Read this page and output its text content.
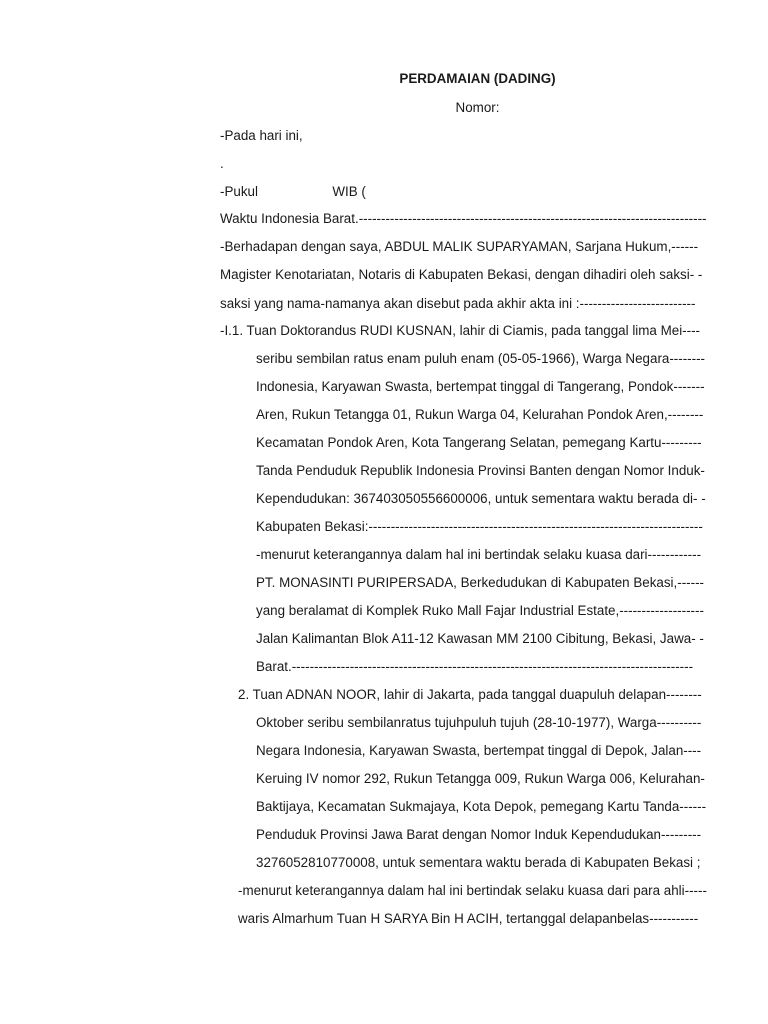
PERDAMAIAN (DADING)
Nomor:
-Pada hari ini,
.
-Pukul                    WIB (
Waktu Indonesia Barat.------------------------------------------------------------------------------
-Berhadapan dengan saya, ABDUL MALIK SUPARYAMAN, Sarjana Hukum,------
Magister Kenotariatan, Notaris di Kabupaten Bekasi, dengan dihadiri oleh saksi- -
saksi yang nama-namanya akan disebut pada akhir akta ini :--------------------------
-I.1. Tuan Doktorandus RUDI KUSNAN, lahir di Ciamis, pada tanggal lima Mei----
seribu sembilan ratus enam puluh enam (05-05-1966), Warga Negara--------
Indonesia, Karyawan Swasta, bertempat tinggal di Tangerang, Pondok-------
Aren, Rukun Tetangga 01, Rukun Warga 04, Kelurahan Pondok Aren,--------
Kecamatan Pondok Aren, Kota Tangerang Selatan, pemegang Kartu---------
Tanda Penduduk Republik Indonesia Provinsi Banten dengan Nomor Induk-
Kependudukan: 367403050556600006, untuk sementara waktu berada di- -
Kabupaten Bekasi:---------------------------------------------------------------------------
-menurut keterangannya dalam hal ini bertindak selaku kuasa dari------------
PT. MONASINTI PURIPERSADA, Berkedudukan di Kabupaten Bekasi,------
yang beralamat di Komplek Ruko Mall Fajar Industrial Estate,-------------------
Jalan Kalimantan Blok A11-12 Kawasan MM 2100 Cibitung, Bekasi, Jawa- -
Barat.------------------------------------------------------------------------------------------
2. Tuan ADNAN NOOR, lahir di Jakarta, pada tanggal duapuluh delapan--------
Oktober seribu sembilanratus tujuhpuluh tujuh (28-10-1977), Warga----------
Negara Indonesia, Karyawan Swasta, bertempat tinggal di Depok, Jalan----
Keruing IV nomor 292, Rukun Tetangga 009, Rukun Warga 006, Kelurahan-
Baktijaya, Kecamatan Sukmajaya, Kota Depok, pemegang Kartu Tanda------
Penduduk Provinsi Jawa Barat dengan Nomor Induk Kependudukan---------
3276052810770008, untuk sementara waktu berada di Kabupaten Bekasi ;
-menurut keterangannya dalam hal ini bertindak selaku kuasa dari para ahli-----
waris Almarhum Tuan H SARYA Bin H ACIH, tertanggal delapanbelas-----------
